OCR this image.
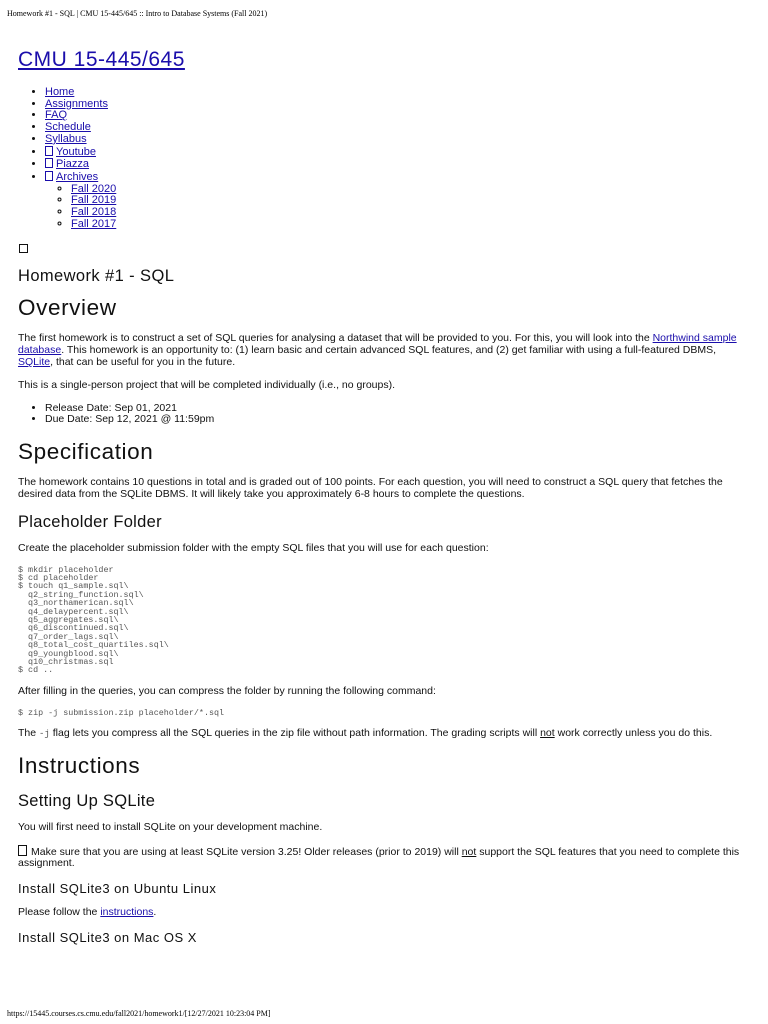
Homework #1 - SQL | CMU 15-445/645 :: Intro to Database Systems (Fall 2021)
CMU 15-445/645
• Home
• Assignments
• FAQ
• Schedule
• Syllabus
• Youtube
• Piazza
• Archives
◦ Fall 2020
◦ Fall 2019
◦ Fall 2018
◦ Fall 2017
Homework #1 - SQL
Overview

The first homework is to construct a set of SQL queries for analysing a dataset that will be provided to you. For this, you will look into the Northwind sample database. This homework is an opportunity to: (1) learn basic and certain advanced SQL features, and (2) get familiar with using a full-featured DBMS, SQLite, that can be useful for you in the future.

This is a single-person project that will be completed individually (i.e., no groups).

• Release Date: Sep 01, 2021
• Due Date: Sep 12, 2021 @ 11:59pm
Specification

The homework contains 10 questions in total and is graded out of 100 points. For each question, you will need to construct a SQL query that fetches the desired data from the SQLite DBMS. It will likely take you approximately 6-8 hours to complete the questions.

Placeholder Folder

Create the placeholder submission folder with the empty SQL files that you will use for each question:

$ mkdir placeholder
$ cd placeholder
$ touch q1_sample.sql\
q2_string_function.sql\
q3_northamerican.sql\
q4_delaypercent.sql\
q5_aggregates.sql\
q6_discontinued.sql\
q7_order_lags.sql\
q8_total_cost_quartiles.sql\
q9_youngblood.sql\
q10_christmas.sql
$ cd ..

After filling in the queries, you can compress the folder by running the following command:

$ zip -j submission.zip placeholder/*.sql

The -j flag lets you compress all the SQL queries in the zip file without path information. The grading scripts will not work correctly unless you do this.

Instructions
Setting Up SQLite

You will first need to install SQLite on your development machine.

Make sure that you are using at least SQLite version 3.25! Older releases (prior to 2019) will not support the SQL features that you need to complete this assignment.

Install SQLite3 on Ubuntu Linux

Please follow the instructions.

Install SQLite3 on Mac OS X
https://15445.courses.cs.cmu.edu/fall2021/homework1/[12/27/2021 10:23:04 PM]
